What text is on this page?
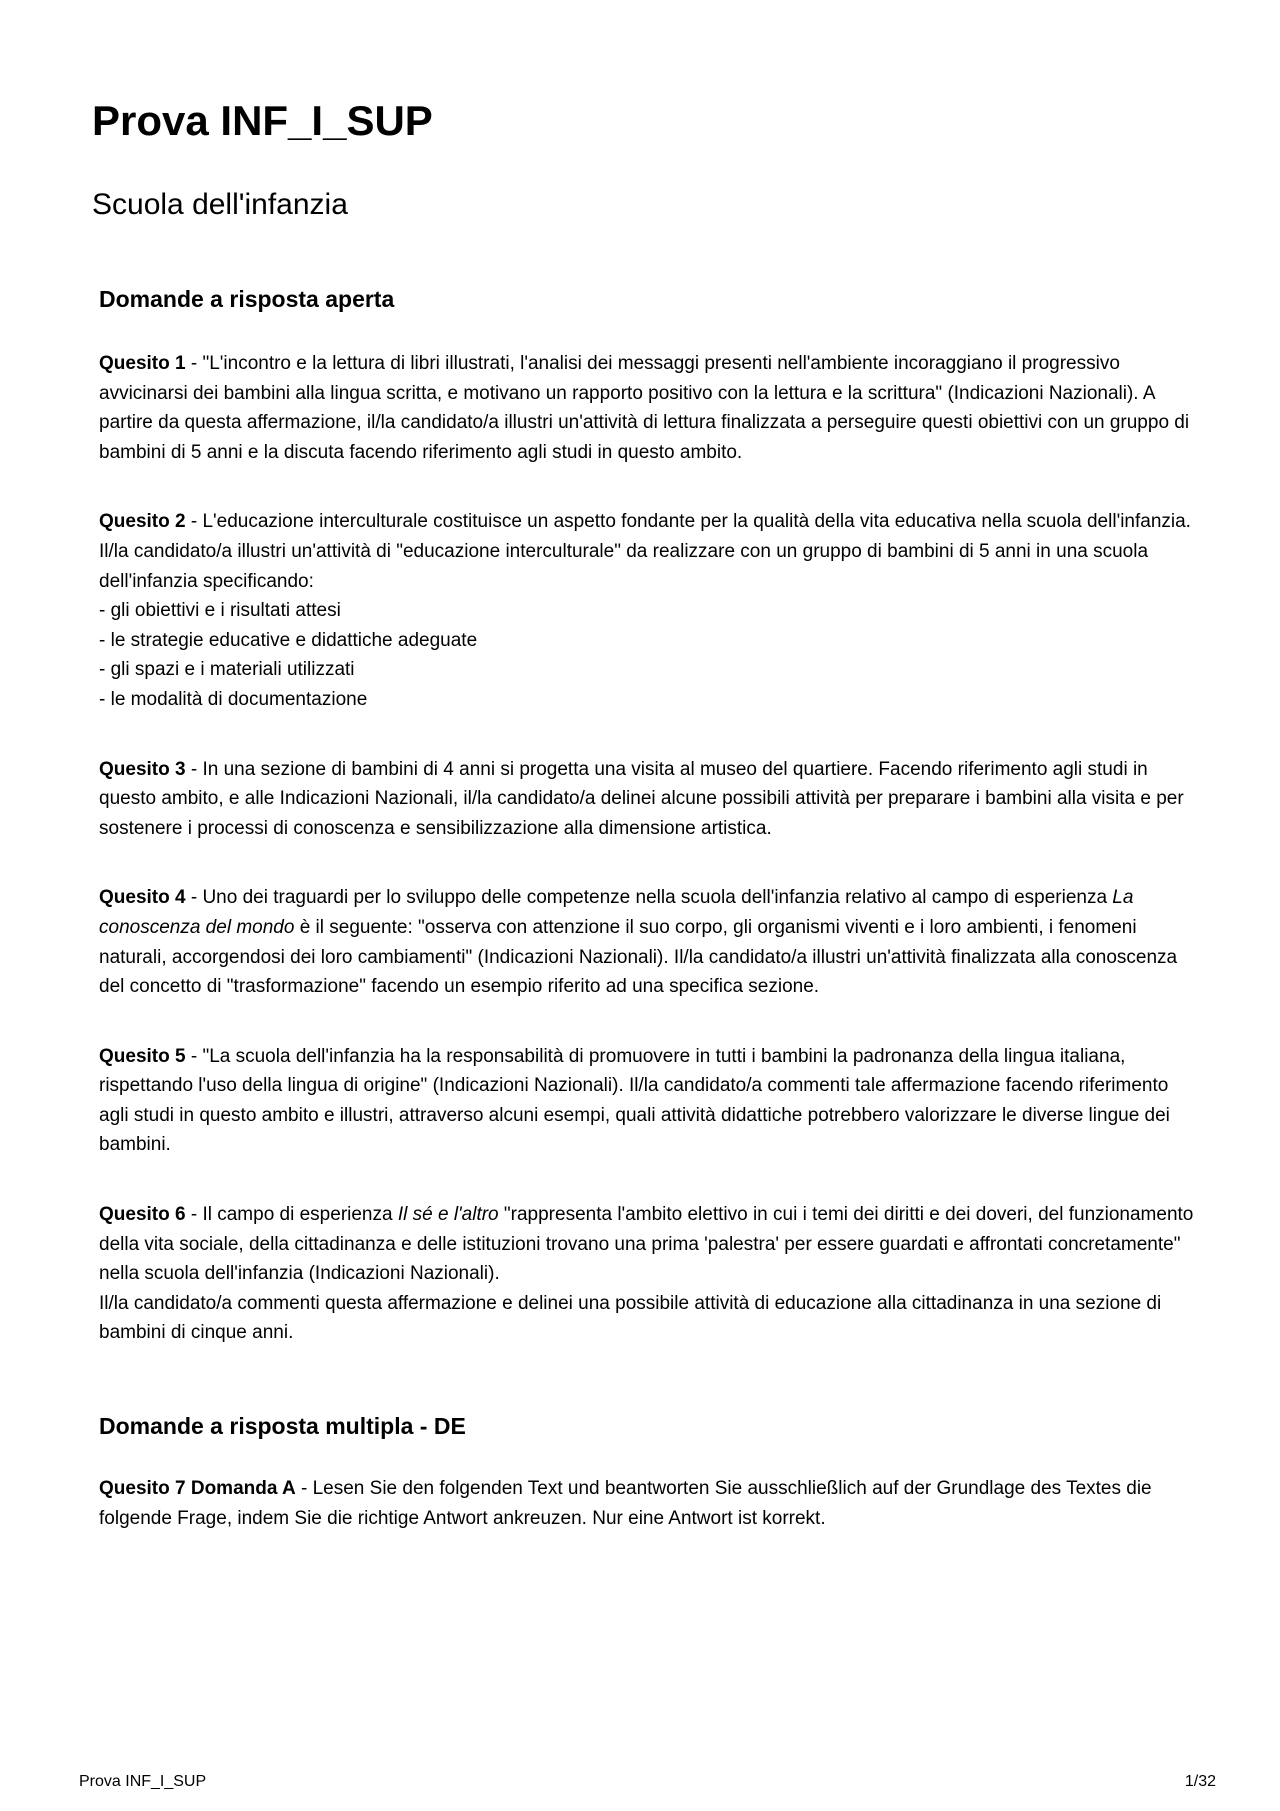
Prova INF_I_SUP
Scuola dell'infanzia
Domande a risposta aperta

Quesito 1 - "L'incontro e la lettura di libri illustrati, l'analisi dei messaggi presenti nell'ambiente incoraggiano il progressivo avvicinarsi dei bambini alla lingua scritta, e motivano un rapporto positivo con la lettura e la scrittura" (Indicazioni Nazionali). A partire da questa affermazione, il/la candidato/a illustri un'attività di lettura finalizzata a perseguire questi obiettivi con un gruppo di bambini di 5 anni e la discuta facendo riferimento agli studi in questo ambito.

Quesito 2 - L'educazione interculturale costituisce un aspetto fondante per la qualità della vita educativa nella scuola dell'infanzia. Il/la candidato/a illustri un'attività di "educazione interculturale" da realizzare con un gruppo di bambini di 5 anni in una scuola dell'infanzia specificando:
- gli obiettivi e i risultati attesi
- le strategie educative e didattiche adeguate
- gli spazi e i materiali utilizzati
- le modalità di documentazione

Quesito 3 - In una sezione di bambini di 4 anni si progetta una visita al museo del quartiere. Facendo riferimento agli studi in questo ambito, e alle Indicazioni Nazionali, il/la candidato/a delinei alcune possibili attività per preparare i bambini alla visita e per sostenere i processi di conoscenza e sensibilizzazione alla dimensione artistica.

Quesito 4 - Uno dei traguardi per lo sviluppo delle competenze nella scuola dell'infanzia relativo al campo di esperienza La conoscenza del mondo è il seguente: "osserva con attenzione il suo corpo, gli organismi viventi e i loro ambienti, i fenomeni naturali, accorgendosi dei loro cambiamenti" (Indicazioni Nazionali). Il/la candidato/a illustri un'attività finalizzata alla conoscenza del concetto di "trasformazione" facendo un esempio riferito ad una specifica sezione.

Quesito 5 - "La scuola dell'infanzia ha la responsabilità di promuovere in tutti i bambini la padronanza della lingua italiana, rispettando l'uso della lingua di origine" (Indicazioni Nazionali). Il/la candidato/a commenti tale affermazione facendo riferimento agli studi in questo ambito e illustri, attraverso alcuni esempi, quali attività didattiche potrebbero valorizzare le diverse lingue dei bambini.

Quesito 6 - Il campo di esperienza Il sé e l'altro "rappresenta l'ambito elettivo in cui i temi dei diritti e dei doveri, del funzionamento della vita sociale, della cittadinanza e delle istituzioni trovano una prima 'palestra' per essere guardati e affrontati concretamente" nella scuola dell'infanzia (Indicazioni Nazionali).
Il/la candidato/a commenti questa affermazione e delinei una possibile attività di educazione alla cittadinanza in una sezione di bambini di cinque anni.

Domande a risposta multipla - DE

Quesito 7 Domanda A - Lesen Sie den folgenden Text und beantworten Sie ausschließlich auf der Grundlage des Textes die folgende Frage, indem Sie die richtige Antwort ankreuzen. Nur eine Antwort ist korrekt.

Prova INF_I_SUP	1/32
